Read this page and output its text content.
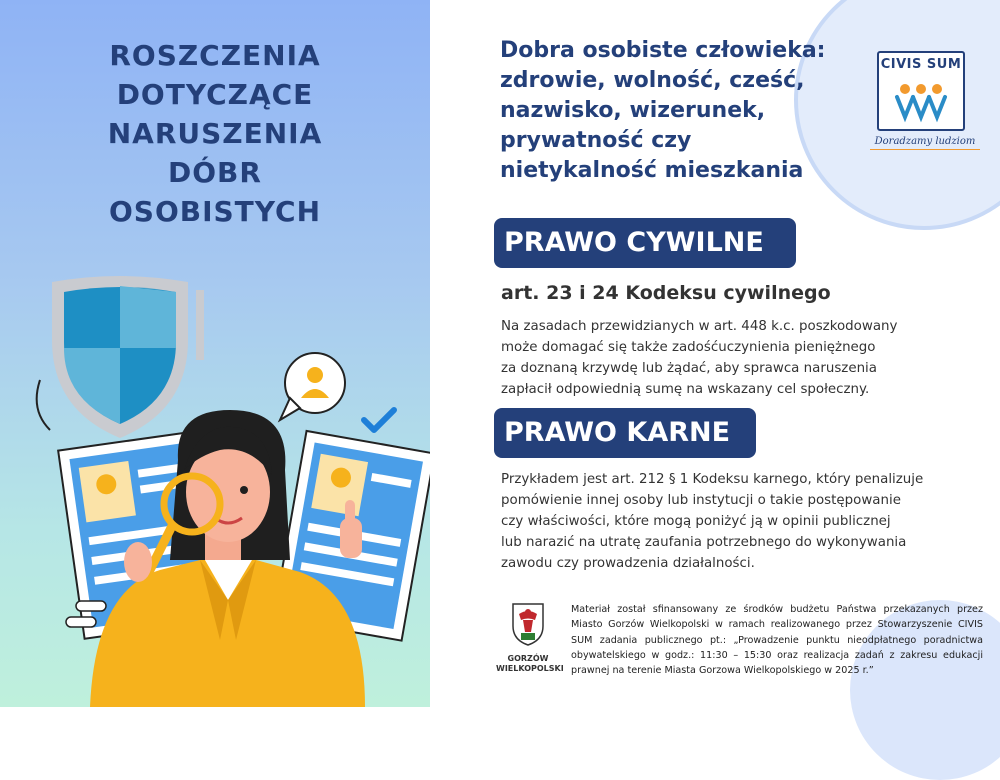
ROSZCZENIA
DOTYCZĄCE
NARUSZENIA
DÓBR
OSOBISTYCH
Dobra osobiste człowieka:
zdrowie, wolność, cześć,
nazwisko, wizerunek,
prywatność czy
nietykalność mieszkania
CIVIS SUM
Doradzamy ludziom
PRAWO CYWILNE
art. 23 i 24 Kodeksu cywilnego

Na zasadach przewidzianych w art. 448 k.c. poszkodowany
może domagać się także zadośćuczynienia pieniężnego
za doznaną krzywdę lub żądać, aby sprawca naruszenia
zapłacił odpowiednią sumę na wskazany cel społeczny.

PRAWO KARNE

Przykładem jest art. 212 § 1 Kodeksu karnego, który penalizuje
pomówienie innej osoby lub instytucji o takie postępowanie
czy właściwości, które mogą poniżyć ją w opinii publicznej
lub narazić na utratę zaufania potrzebnego do wykonywania
zawodu czy prowadzenia działalności.

GORZÓW
WIELKOPOLSKI

Materiał został sfinansowany ze środków budżetu Państwa przekazanych przez Miasto Gorzów Wielkopolski w ramach realizowanego przez Stowarzyszenie CIVIS SUM zadania publicznego pt.: „Prowadzenie punktu nieodpłatnego poradnictwa obywatelskiego w godz.: 11:30 – 15:30 oraz realizacja zadań z zakresu edukacji prawnej na terenie Miasta Gorzowa Wielkopolskiego w 2025 r.”
